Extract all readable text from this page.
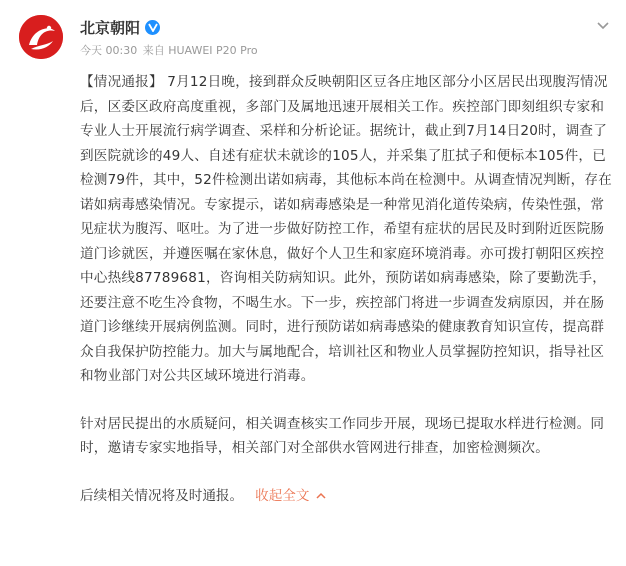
北京朝阳
今天 00:30 来自 HUAWEI P20 Pro

【情况通报】 7月12日晚，接到群众反映朝阳区豆各庄地区部分小区居民出现腹泻情况后，区委区政府高度重视，多部门及属地迅速开展相关工作。疾控部门即刻组织专家和专业人士开展流行病学调查、采样和分析论证。据统计，截止到7月14日20时，调查了到医院就诊的49人、自述有症状未就诊的105人，并采集了肛拭子和便标本105件，已检测79件，其中，52件检测出诺如病毒，其他标本尚在检测中。从调查情况判断，存在诺如病毒感染情况。专家提示，诺如病毒感染是一种常见消化道传染病，传染性强，常见症状为腹泻、呕吐。为了进一步做好防控工作，希望有症状的居民及时到附近医院肠道门诊就医，并遵医嘱在家休息，做好个人卫生和家庭环境消毒。亦可拨打朝阳区疾控中心热线87789681，咨询相关防病知识。此外，预防诺如病毒感染，除了要勤洗手，还要注意不吃生冷食物，不喝生水。下一步，疾控部门将进一步调查发病原因，并在肠道门诊继续开展病例监测。同时，进行预防诺如病毒感染的健康教育知识宣传，提高群众自我保护防控能力。加大与属地配合，培训社区和物业人员掌握防控知识，指导社区和物业部门对公共区域环境进行消毒。

针对居民提出的水质疑问，相关调查核实工作同步开展，现场已提取水样进行检测。同时，邀请专家实地指导，相关部门对全部供水管网进行排查，加密检测频次。

后续相关情况将及时通报。 收起全文
